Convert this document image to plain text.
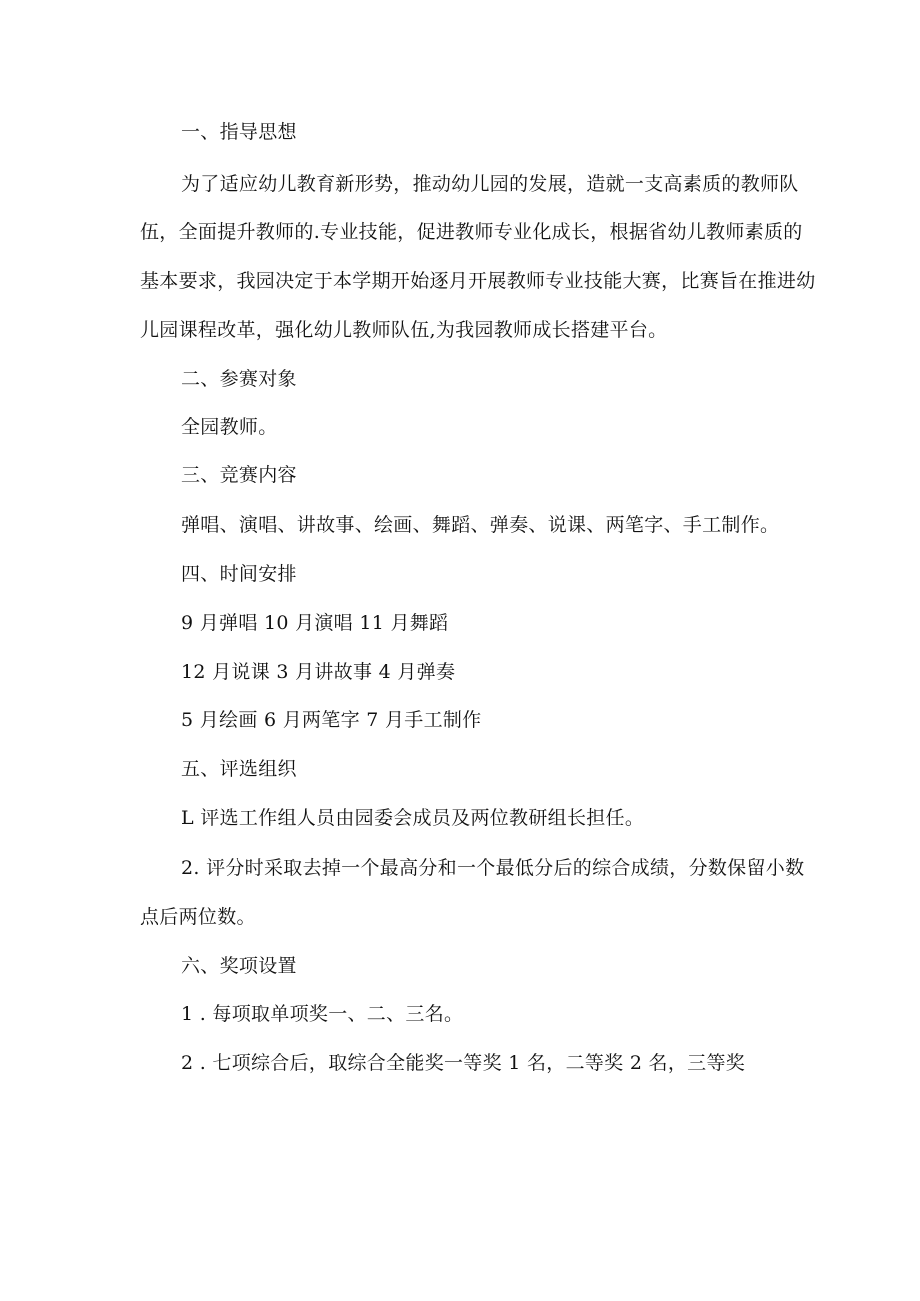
一、指导思想
为了适应幼儿教育新形势，推动幼儿园的发展，造就一支高素质的教师队
伍，全面提升教师的.专业技能，促进教师专业化成长，根据省幼儿教师素质的
基本要求，我园决定于本学期开始逐月开展教师专业技能大赛，比赛旨在推进幼
儿园课程改革，强化幼儿教师队伍,为我园教师成长搭建平台。
二、参赛对象
全园教师。
三、竞赛内容
弹唱、演唱、讲故事、绘画、舞蹈、弹奏、说课、两笔字、手工制作。
四、时间安排
9 月弹唱 10 月演唱 11 月舞蹈
12 月说课 3 月讲故事 4 月弹奏
5 月绘画 6 月两笔字 7 月手工制作
五、评选组织
L 评选工作组人员由园委会成员及两位教研组长担任。
2. 评分时采取去掉一个最高分和一个最低分后的综合成绩，分数保留小数
点后两位数。
六、奖项设置
1 . 每项取单项奖一、二、三名。
2 . 七项综合后，取综合全能奖一等奖 1 名，二等奖 2 名，三等奖
